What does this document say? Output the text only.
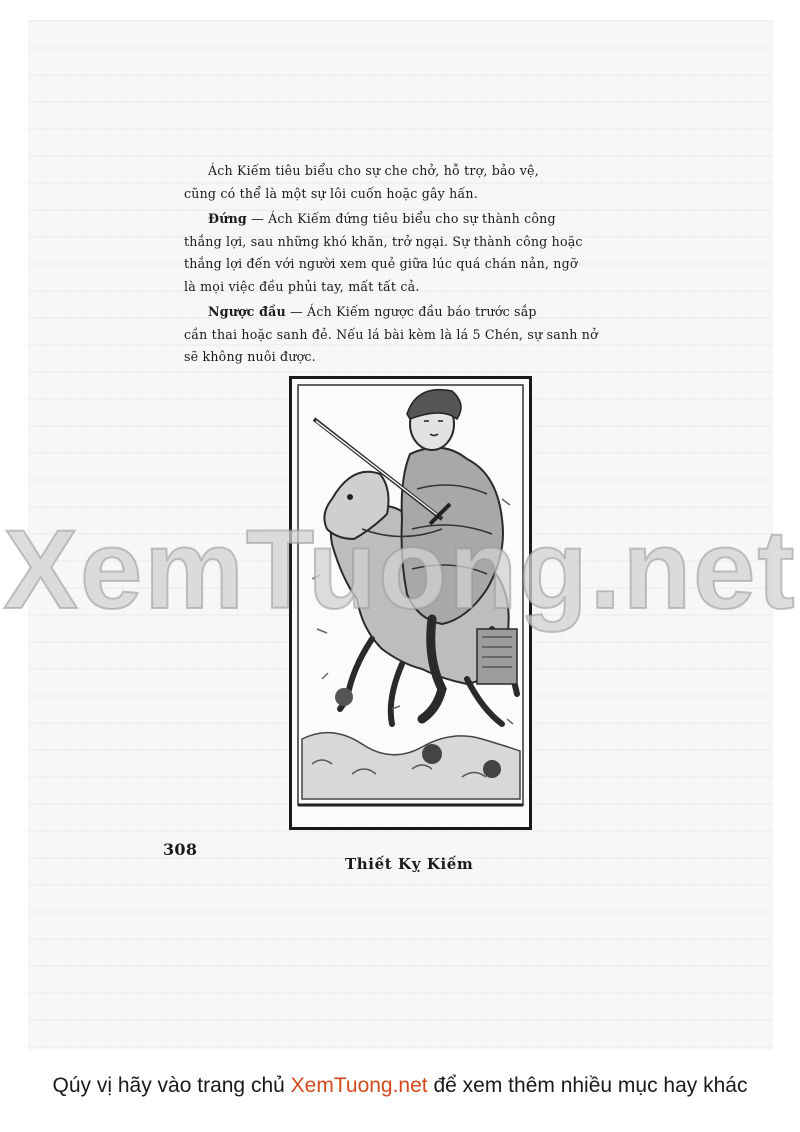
Ách Kiếm tiêu biểu cho sự che chở, hỗ trợ, bảo vệ,
cũng có thể là một sự lôi cuốn hoặc gây hấn.
Đứng — Ách Kiếm đứng tiêu biểu cho sự thành công
thắng lợi, sau những khó khăn, trở ngại. Sự thành công hoặc
thắng lợi đến với người xem quẻ giữa lúc quá chán nản, ngỡ
là mọi việc đều phủi tay, mất tất cả.
Ngược đầu — Ách Kiếm ngược đầu báo trước sắp
cần thai hoặc sanh đẻ. Nếu lá bài kèm là lá 5 Chén, sự sanh nở
sẽ không nuôi được.
308
Thiết Kỵ Kiếm
XemTuong.net
Qúy vị hãy vào trang chủ XemTuong.net để xem thêm nhiều mục hay khác
